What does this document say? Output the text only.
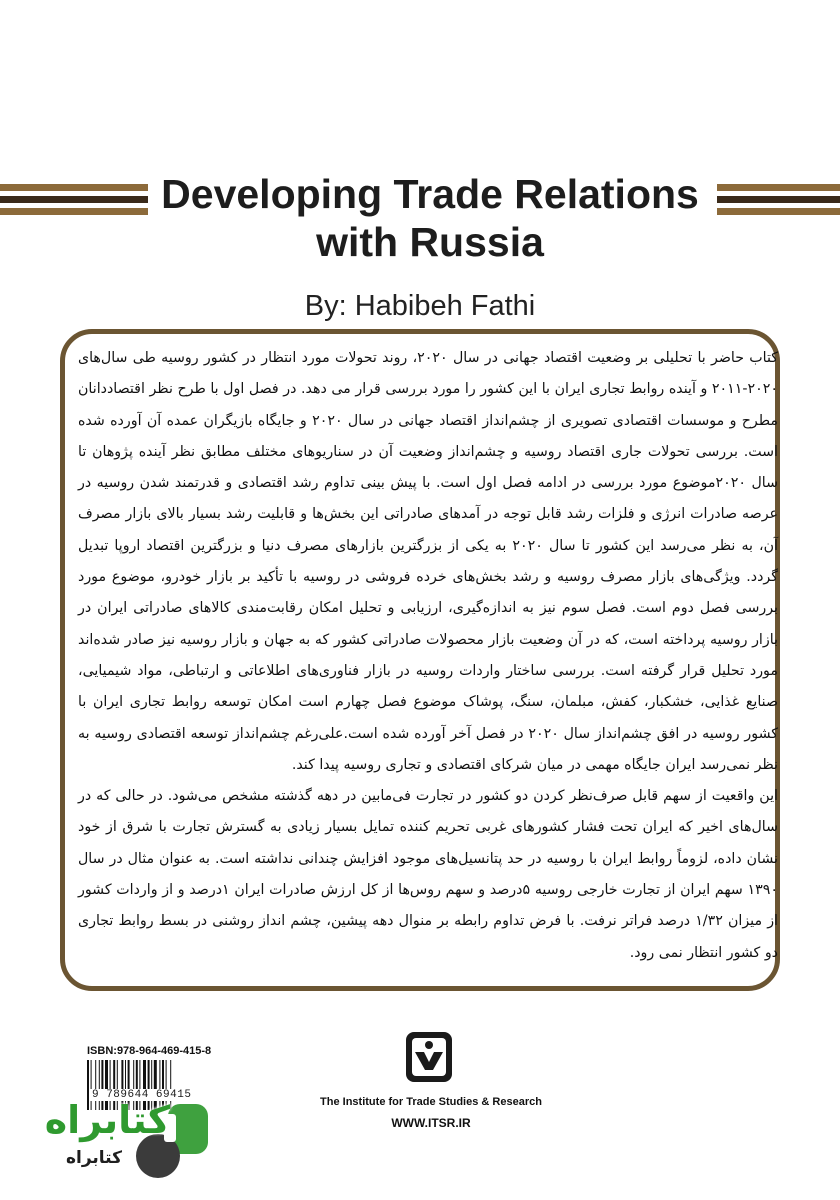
Developing Trade Relations with Russia
By: Habibeh Fathi

کتاب حاضر با تحلیلی بر وضعیت اقتصاد جهانی در سال ۲۰۲۰، روند تحولات مورد انتظار در کشور روسیه طی سال‌های ۲۰۲۰-۲۰۱۱ و آینده روابط تجاری ایران با این کشور را مورد بررسی قرار می دهد. در فصل اول با طرح نظر اقتصاددانان مطرح و موسسات اقتصادی تصویری از چشم‌انداز اقتصاد جهانی در سال ۲۰۲۰ و جایگاه بازیگران عمده آن آورده شده است. بررسی تحولات جاری اقتصاد روسیه و چشم‌انداز وضعیت آن در سناریوهای مختلف مطابق نظر آینده پژوهان تا سال ۲۰۲۰موضوع مورد بررسی در ادامه فصل اول است. با پیش بینی تداوم رشد اقتصادی و قدرتمند شدن روسیه در عرصه صادرات انرژی و فلزات رشد قابل توجه در آمدهای صادراتی این بخش‌ها و قابلیت رشد بسیار بالای بازار مصرف آن، به نظر می‌رسد این کشور تا سال ۲۰۲۰ به یکی از بزرگترین بازارهای مصرف دنیا و بزرگترین اقتصاد اروپا تبدیل گردد. ویژگی‌های بازار مصرف روسیه و رشد بخش‌های خرده فروشی در روسیه با تأکید بر بازار خودرو، موضوع مورد بررسی فصل دوم است. فصل سوم نیز به اندازه‌گیری، ارزیابی و تحلیل امکان رقابت‌مندی کالاهای صادراتی ایران در بازار روسیه پرداخته است، که در آن وضعیت بازار محصولات صادراتی کشور که به جهان و بازار روسیه نیز صادر شده‌اند مورد تحلیل قرار گرفته است. بررسی ساختار واردات روسیه در بازار فناوری‌های اطلاعاتی و ارتباطی، مواد شیمیایی، صنایع غذایی، خشکبار، کفش، مبلمان، سنگ، پوشاک موضوع فصل چهارم است امکان توسعه روابط تجاری ایران با کشور روسیه در افق چشم‌انداز سال ۲۰۲۰ در فصل آخر آورده شده است.علی‌رغم چشم‌انداز توسعه اقتصادی روسیه به نظر نمی‌رسد ایران جایگاه مهمی در میان شرکای اقتصادی و تجاری روسیه پیدا کند.

این واقعیت از سهم قابل صرف‌نظر کردن دو کشور در تجارت فی‌مابین در دهه گذشته مشخص می‌شود. در حالی که در سال‌های اخیر که ایران تحت فشار کشورهای غربی تحریم کننده تمایل بسیار زیادی به گسترش تجارت با شرق از خود نشان داده، لزوماً روابط ایران با روسیه در حد پتانسیل‌های موجود افزایش چندانی نداشته است. به عنوان مثال در سال ۱۳۹۰ سهم ایران از تجارت خارجی روسیه ۵درصد و سهم روس‌ها از کل ارزش صادرات ایران ۱درصد و از واردات کشور از میزان ۱/۳۲ درصد فراتر نرفت. با فرض تداوم رابطه بر منوال دهه پیشین، چشم انداز روشنی در بسط روابط تجاری دو کشور انتظار نمی رود.

ISBN:978-964-469-415-8
9 789644 69415
The Institute for Trade Studies & Research
WWW.ITSR.IR
کتابراه
کتابراه
